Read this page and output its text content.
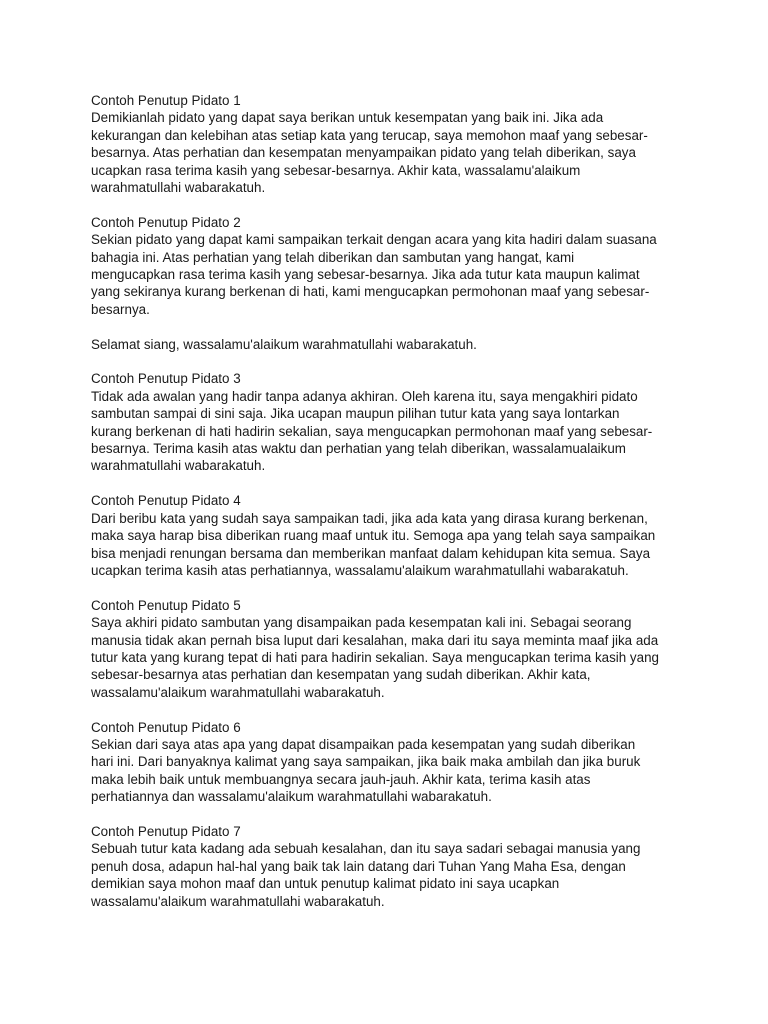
Contoh Penutup Pidato 1

Demikianlah pidato yang dapat saya berikan untuk kesempatan yang baik ini. Jika ada
kekurangan dan kelebihan atas setiap kata yang terucap, saya memohon maaf yang sebesar-
besarnya. Atas perhatian dan kesempatan menyampaikan pidato yang telah diberikan, saya
ucapkan rasa terima kasih yang sebesar-besarnya. Akhir kata, wassalamu'alaikum
warahmatullahi wabarakatuh.

Contoh Penutup Pidato 2

Sekian pidato yang dapat kami sampaikan terkait dengan acara yang kita hadiri dalam suasana
bahagia ini. Atas perhatian yang telah diberikan dan sambutan yang hangat, kami
mengucapkan rasa terima kasih yang sebesar-besarnya. Jika ada tutur kata maupun kalimat
yang sekiranya kurang berkenan di hati, kami mengucapkan permohonan maaf yang sebesar-
besarnya.

Selamat siang, wassalamu'alaikum warahmatullahi wabarakatuh.

Contoh Penutup Pidato 3

Tidak ada awalan yang hadir tanpa adanya akhiran. Oleh karena itu, saya mengakhiri pidato
sambutan sampai di sini saja. Jika ucapan maupun pilihan tutur kata yang saya lontarkan
kurang berkenan di hati hadirin sekalian, saya mengucapkan permohonan maaf yang sebesar-
besarnya. Terima kasih atas waktu dan perhatian yang telah diberikan, wassalamualaikum
warahmatullahi wabarakatuh.

Contoh Penutup Pidato 4

Dari beribu kata yang sudah saya sampaikan tadi, jika ada kata yang dirasa kurang berkenan,
maka saya harap bisa diberikan ruang maaf untuk itu. Semoga apa yang telah saya sampaikan
bisa menjadi renungan bersama dan memberikan manfaat dalam kehidupan kita semua. Saya
ucapkan terima kasih atas perhatiannya, wassalamu'alaikum warahmatullahi wabarakatuh.

Contoh Penutup Pidato 5

Saya akhiri pidato sambutan yang disampaikan pada kesempatan kali ini. Sebagai seorang
manusia tidak akan pernah bisa luput dari kesalahan, maka dari itu saya meminta maaf jika ada
tutur kata yang kurang tepat di hati para hadirin sekalian. Saya mengucapkan terima kasih yang
sebesar-besarnya atas perhatian dan kesempatan yang sudah diberikan. Akhir kata,
wassalamu'alaikum warahmatullahi wabarakatuh.

Contoh Penutup Pidato 6

Sekian dari saya atas apa yang dapat disampaikan pada kesempatan yang sudah diberikan
hari ini. Dari banyaknya kalimat yang saya sampaikan, jika baik maka ambilah dan jika buruk
maka lebih baik untuk membuangnya secara jauh-jauh. Akhir kata, terima kasih atas
perhatiannya dan wassalamu'alaikum warahmatullahi wabarakatuh.

Contoh Penutup Pidato 7

Sebuah tutur kata kadang ada sebuah kesalahan, dan itu saya sadari sebagai manusia yang
penuh dosa, adapun hal-hal yang baik tak lain datang dari Tuhan Yang Maha Esa, dengan
demikian saya mohon maaf dan untuk penutup kalimat pidato ini saya ucapkan
wassalamu'alaikum warahmatullahi wabarakatuh.
